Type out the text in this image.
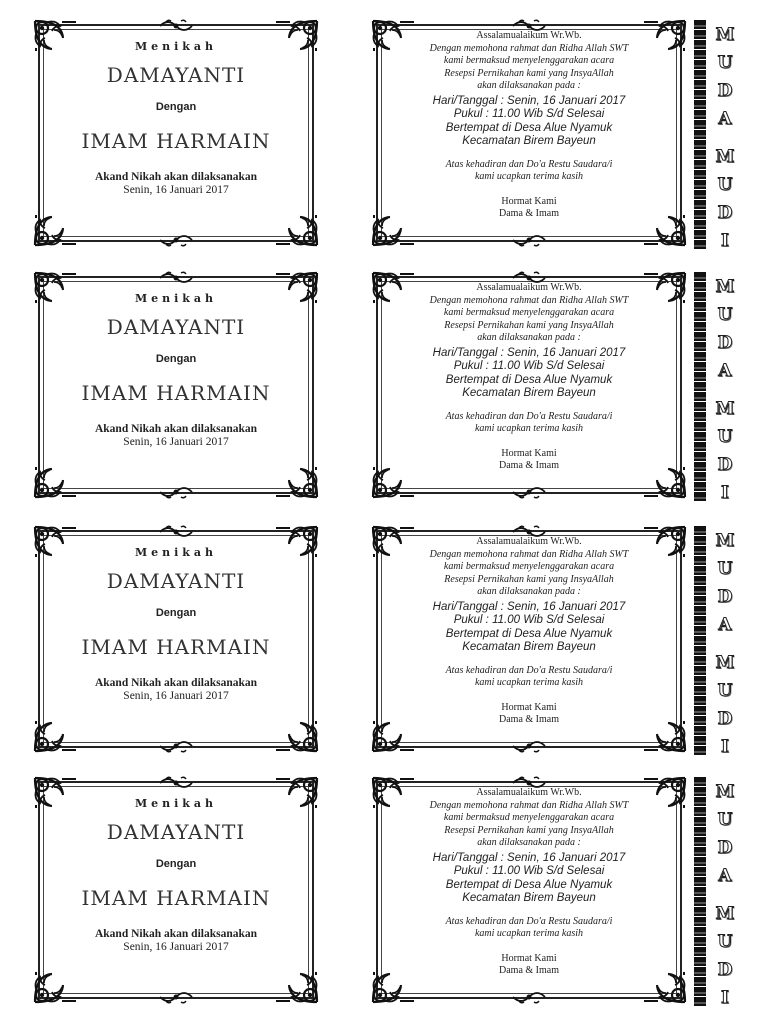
Menikah
DAMAYANTI
Dengan
IMAM HARMAIN
Akand Nikah akan dilaksanakan
Senin, 16 Januari 2017
Assalamualaikum Wr.Wb.
Dengan memohona rahmat dan Ridha Allah SWT
kami bermaksud menyelenggarakan acara
Resepsi Pernikahan kami yang InsyaAllah
akan dilaksanakan pada :
Hari/Tanggal : Senin, 16 Januari 2017
Pukul : 11.00 Wib S/d Selesai
Bertempat di Desa Alue Nyamuk
Kecamatan Birem Bayeun
Atas kehadiran dan Do'a Restu Saudara/i
kami ucapkan terima kasih
Hormat Kami
Dama & Imam
M
U
D
A
M
U
D
I
Menikah
DAMAYANTI
Dengan
IMAM HARMAIN
Akand Nikah akan dilaksanakan
Senin, 16 Januari 2017
Assalamualaikum Wr.Wb.
Dengan memohona rahmat dan Ridha Allah SWT
kami bermaksud menyelenggarakan acara
Resepsi Pernikahan kami yang InsyaAllah
akan dilaksanakan pada :
Hari/Tanggal : Senin, 16 Januari 2017
Pukul : 11.00 Wib S/d Selesai
Bertempat di Desa Alue Nyamuk
Kecamatan Birem Bayeun
Atas kehadiran dan Do'a Restu Saudara/i
kami ucapkan terima kasih
Hormat Kami
Dama & Imam
M
U
D
A
M
U
D
I
Menikah
DAMAYANTI
Dengan
IMAM HARMAIN
Akand Nikah akan dilaksanakan
Senin, 16 Januari 2017
Assalamualaikum Wr.Wb.
Dengan memohona rahmat dan Ridha Allah SWT
kami bermaksud menyelenggarakan acara
Resepsi Pernikahan kami yang InsyaAllah
akan dilaksanakan pada :
Hari/Tanggal : Senin, 16 Januari 2017
Pukul : 11.00 Wib S/d Selesai
Bertempat di Desa Alue Nyamuk
Kecamatan Birem Bayeun
Atas kehadiran dan Do'a Restu Saudara/i
kami ucapkan terima kasih
Hormat Kami
Dama & Imam
M
U
D
A
M
U
D
I
Menikah
DAMAYANTI
Dengan
IMAM HARMAIN
Akand Nikah akan dilaksanakan
Senin, 16 Januari 2017
Assalamualaikum Wr.Wb.
Dengan memohona rahmat dan Ridha Allah SWT
kami bermaksud menyelenggarakan acara
Resepsi Pernikahan kami yang InsyaAllah
akan dilaksanakan pada :
Hari/Tanggal : Senin, 16 Januari 2017
Pukul : 11.00 Wib S/d Selesai
Bertempat di Desa Alue Nyamuk
Kecamatan Birem Bayeun
Atas kehadiran dan Do'a Restu Saudara/i
kami ucapkan terima kasih
Hormat Kami
Dama & Imam
M
U
D
A
M
U
D
I
